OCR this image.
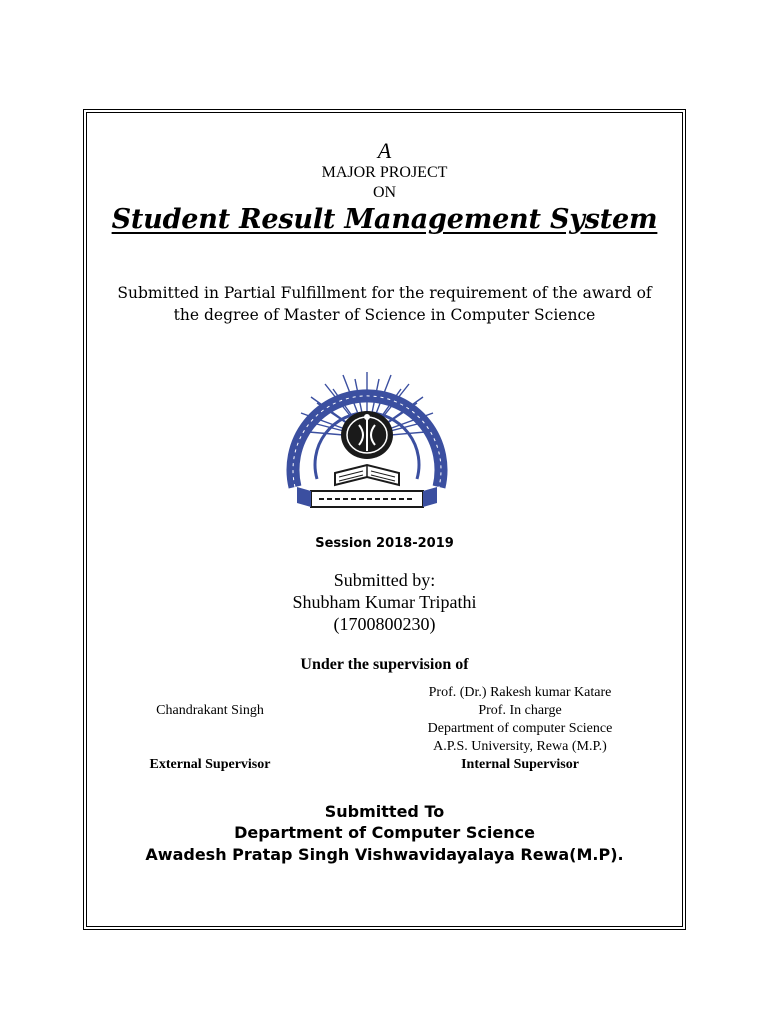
A
MAJOR PROJECT
ON
Student Result Management System
Submitted in Partial Fulfillment for the requirement of the award of
the degree of Master of Science in Computer Science
Session 2018-2019
Submitted by:
Shubham Kumar Tripathi
(1700800230)
Under the supervision of
Chandrakant Singh
External Supervisor
Prof. (Dr.) Rakesh kumar Katare
Prof. In charge
Department of computer Science
A.P.S. University, Rewa (M.P.)
Internal Supervisor
Submitted To
Department of Computer Science
Awadesh Pratap Singh Vishwavidayalaya Rewa(M.P).
